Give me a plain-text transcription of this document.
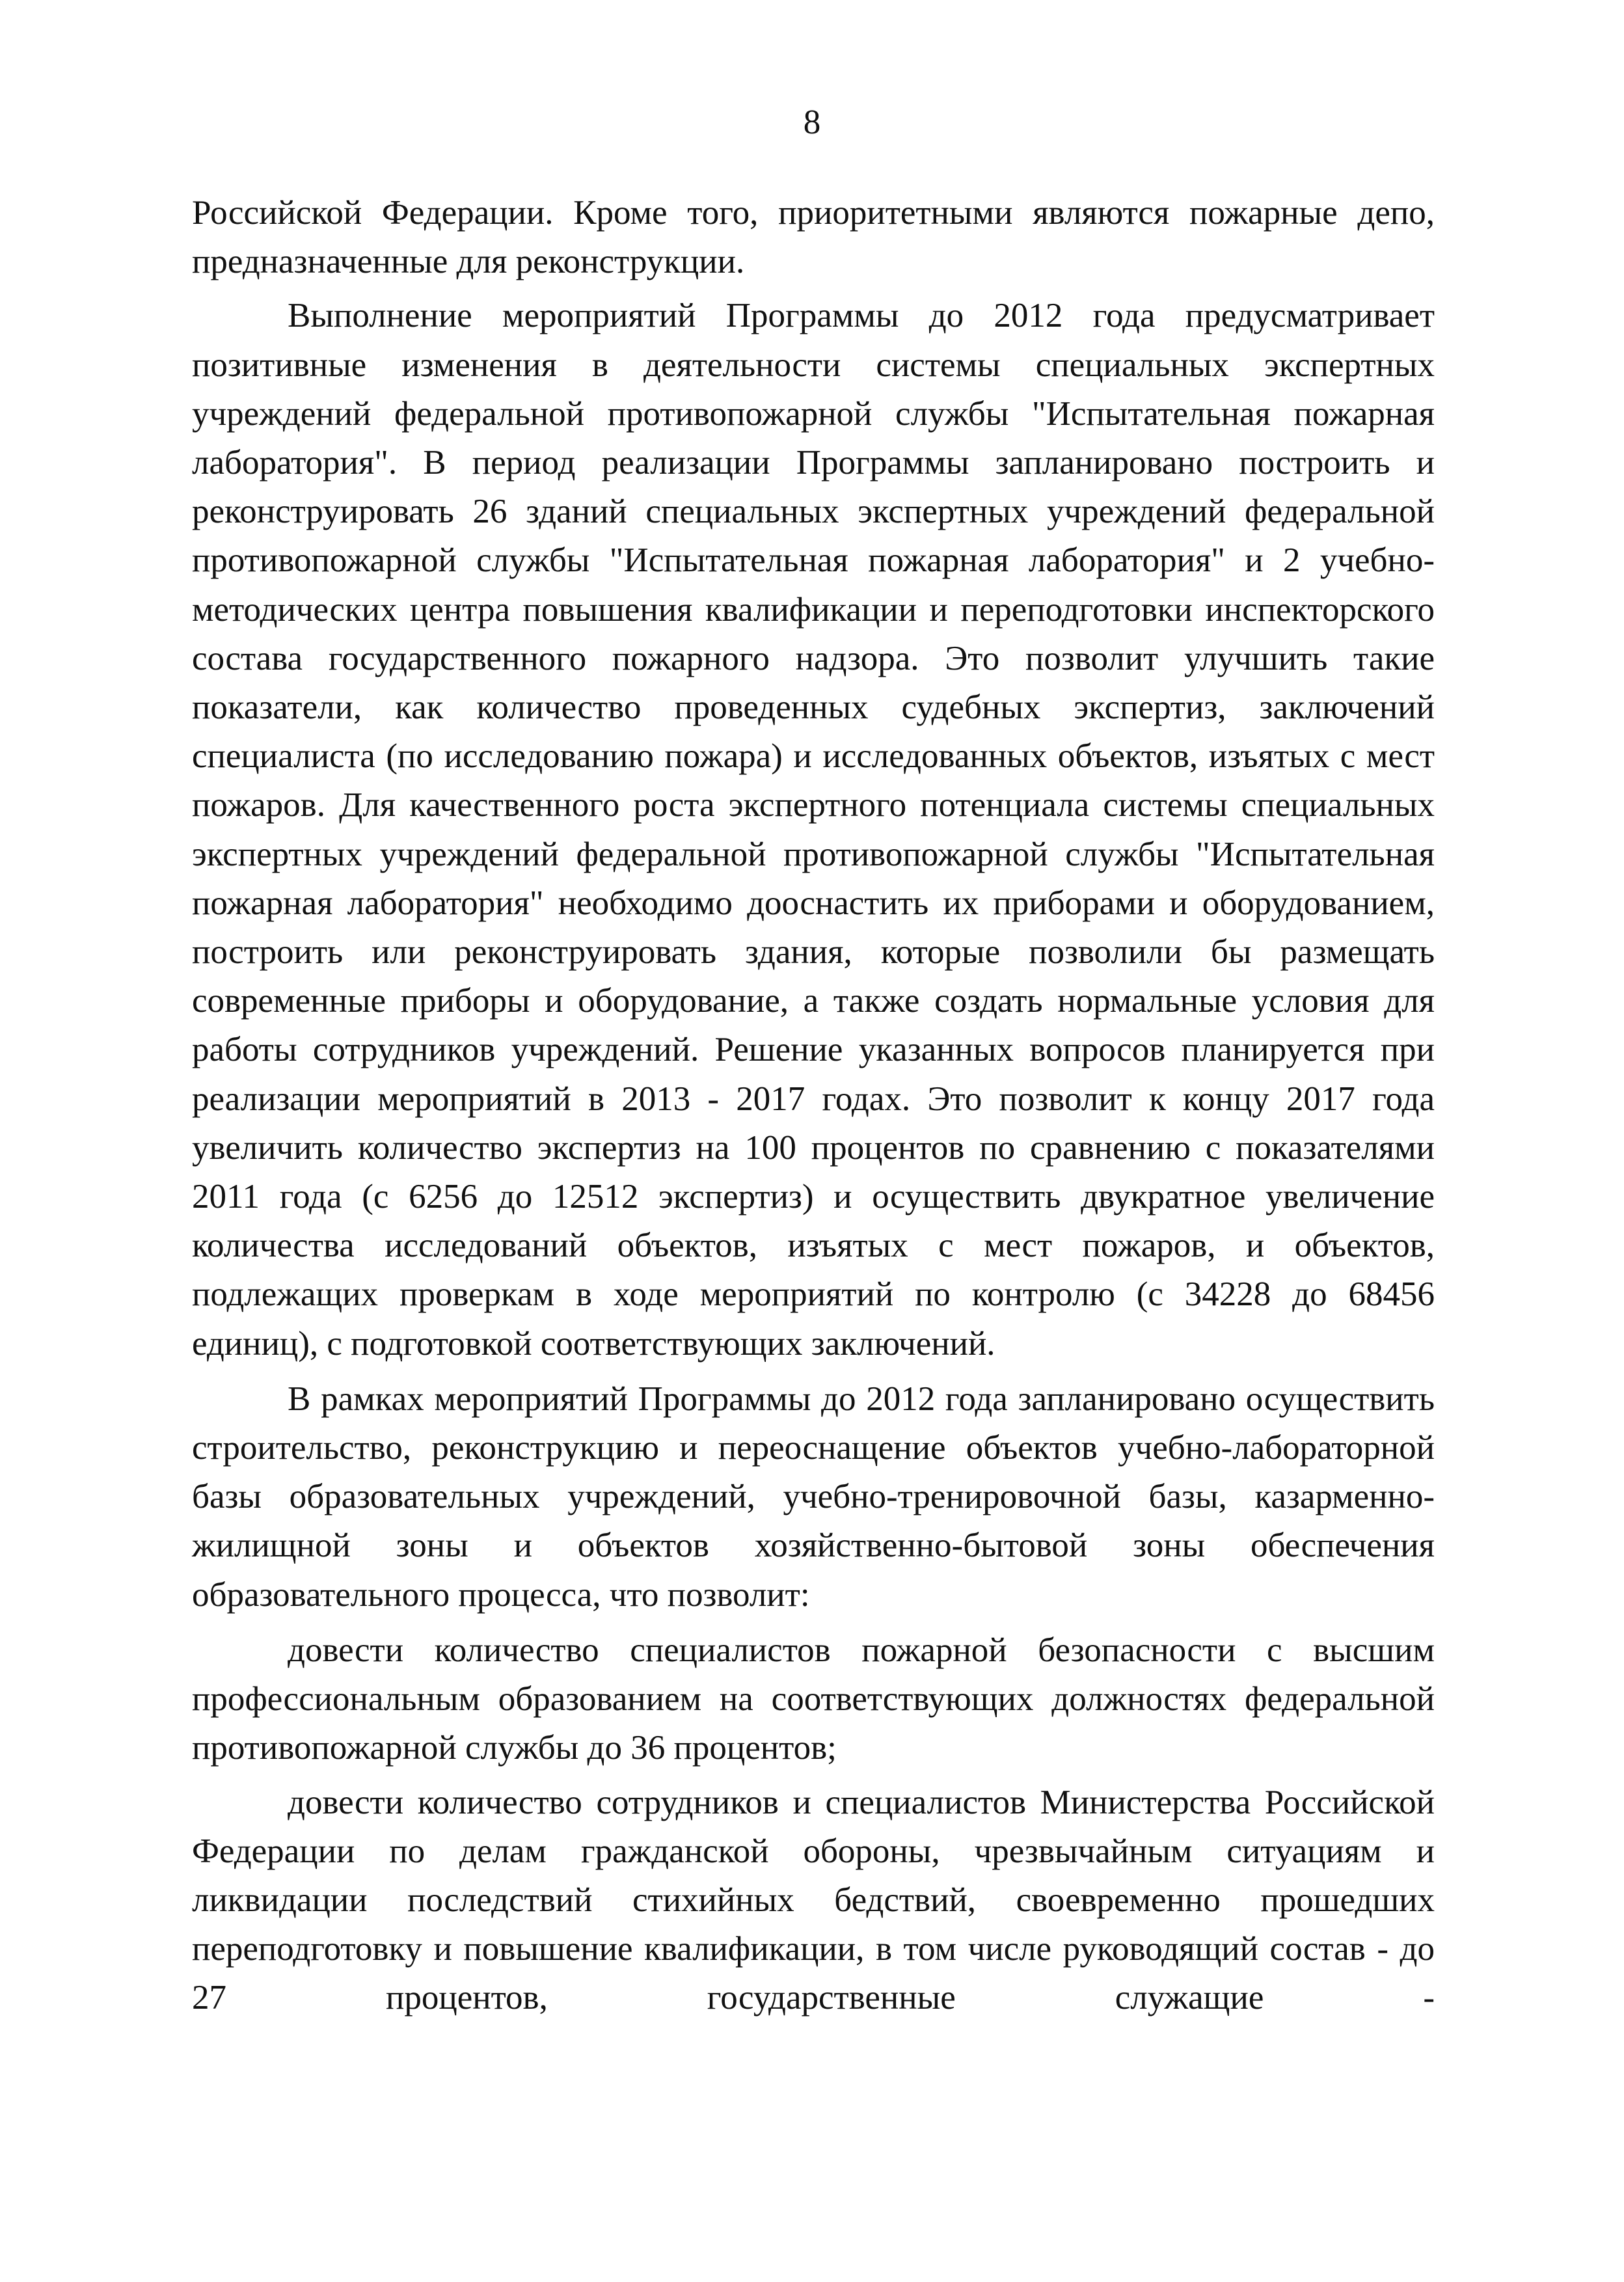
8

Российской Федерации. Кроме того, приоритетными являются пожарные депо, предназначенные для реконструкции.

Выполнение мероприятий Программы до 2012 года предусматривает позитивные изменения в деятельности системы специальных экспертных учреждений федеральной противопожарной службы "Испытательная пожарная лаборатория". В период реализации Программы запланировано построить и реконструировать 26 зданий специальных экспертных учреждений федеральной противопожарной службы "Испытательная пожарная лаборатория" и 2 учебно-методических центра повышения квалификации и переподготовки инспекторского состава государственного пожарного надзора. Это позволит улучшить такие показатели, как количество проведенных судебных экспертиз, заключений специалиста (по исследованию пожара) и исследованных объектов, изъятых с мест пожаров. Для качественного роста экспертного потенциала системы специальных экспертных учреждений федеральной противопожарной службы "Испытательная пожарная лаборатория" необходимо дооснастить их приборами и оборудованием, построить или реконструировать здания, которые позволили бы размещать современные приборы и оборудование, а также создать нормальные условия для работы сотрудников учреждений. Решение указанных вопросов планируется при реализации мероприятий в 2013 - 2017 годах. Это позволит к концу 2017 года увеличить количество экспертиз на 100 процентов по сравнению с показателями 2011 года (с 6256 до 12512 экспертиз) и осуществить двукратное увеличение количества исследований объектов, изъятых с мест пожаров, и объектов, подлежащих проверкам в ходе мероприятий по контролю (с 34228 до 68456 единиц), с подготовкой соответствующих заключений.

В рамках мероприятий Программы до 2012 года запланировано осуществить строительство, реконструкцию и переоснащение объектов учебно-лабораторной базы образовательных учреждений, учебно-тренировочной базы, казарменно-жилищной зоны и объектов хозяйственно-бытовой зоны обеспечения образовательного процесса, что позволит:

довести количество специалистов пожарной безопасности с высшим профессиональным образованием на соответствующих должностях федеральной противопожарной службы до 36 процентов;

довести количество сотрудников и специалистов Министерства Российской Федерации по делам гражданской обороны, чрезвычайным ситуациям и ликвидации последствий стихийных бедствий, своевременно прошедших переподготовку и повышение квалификации, в том числе руководящий состав - до 27 процентов, государственные служащие -
